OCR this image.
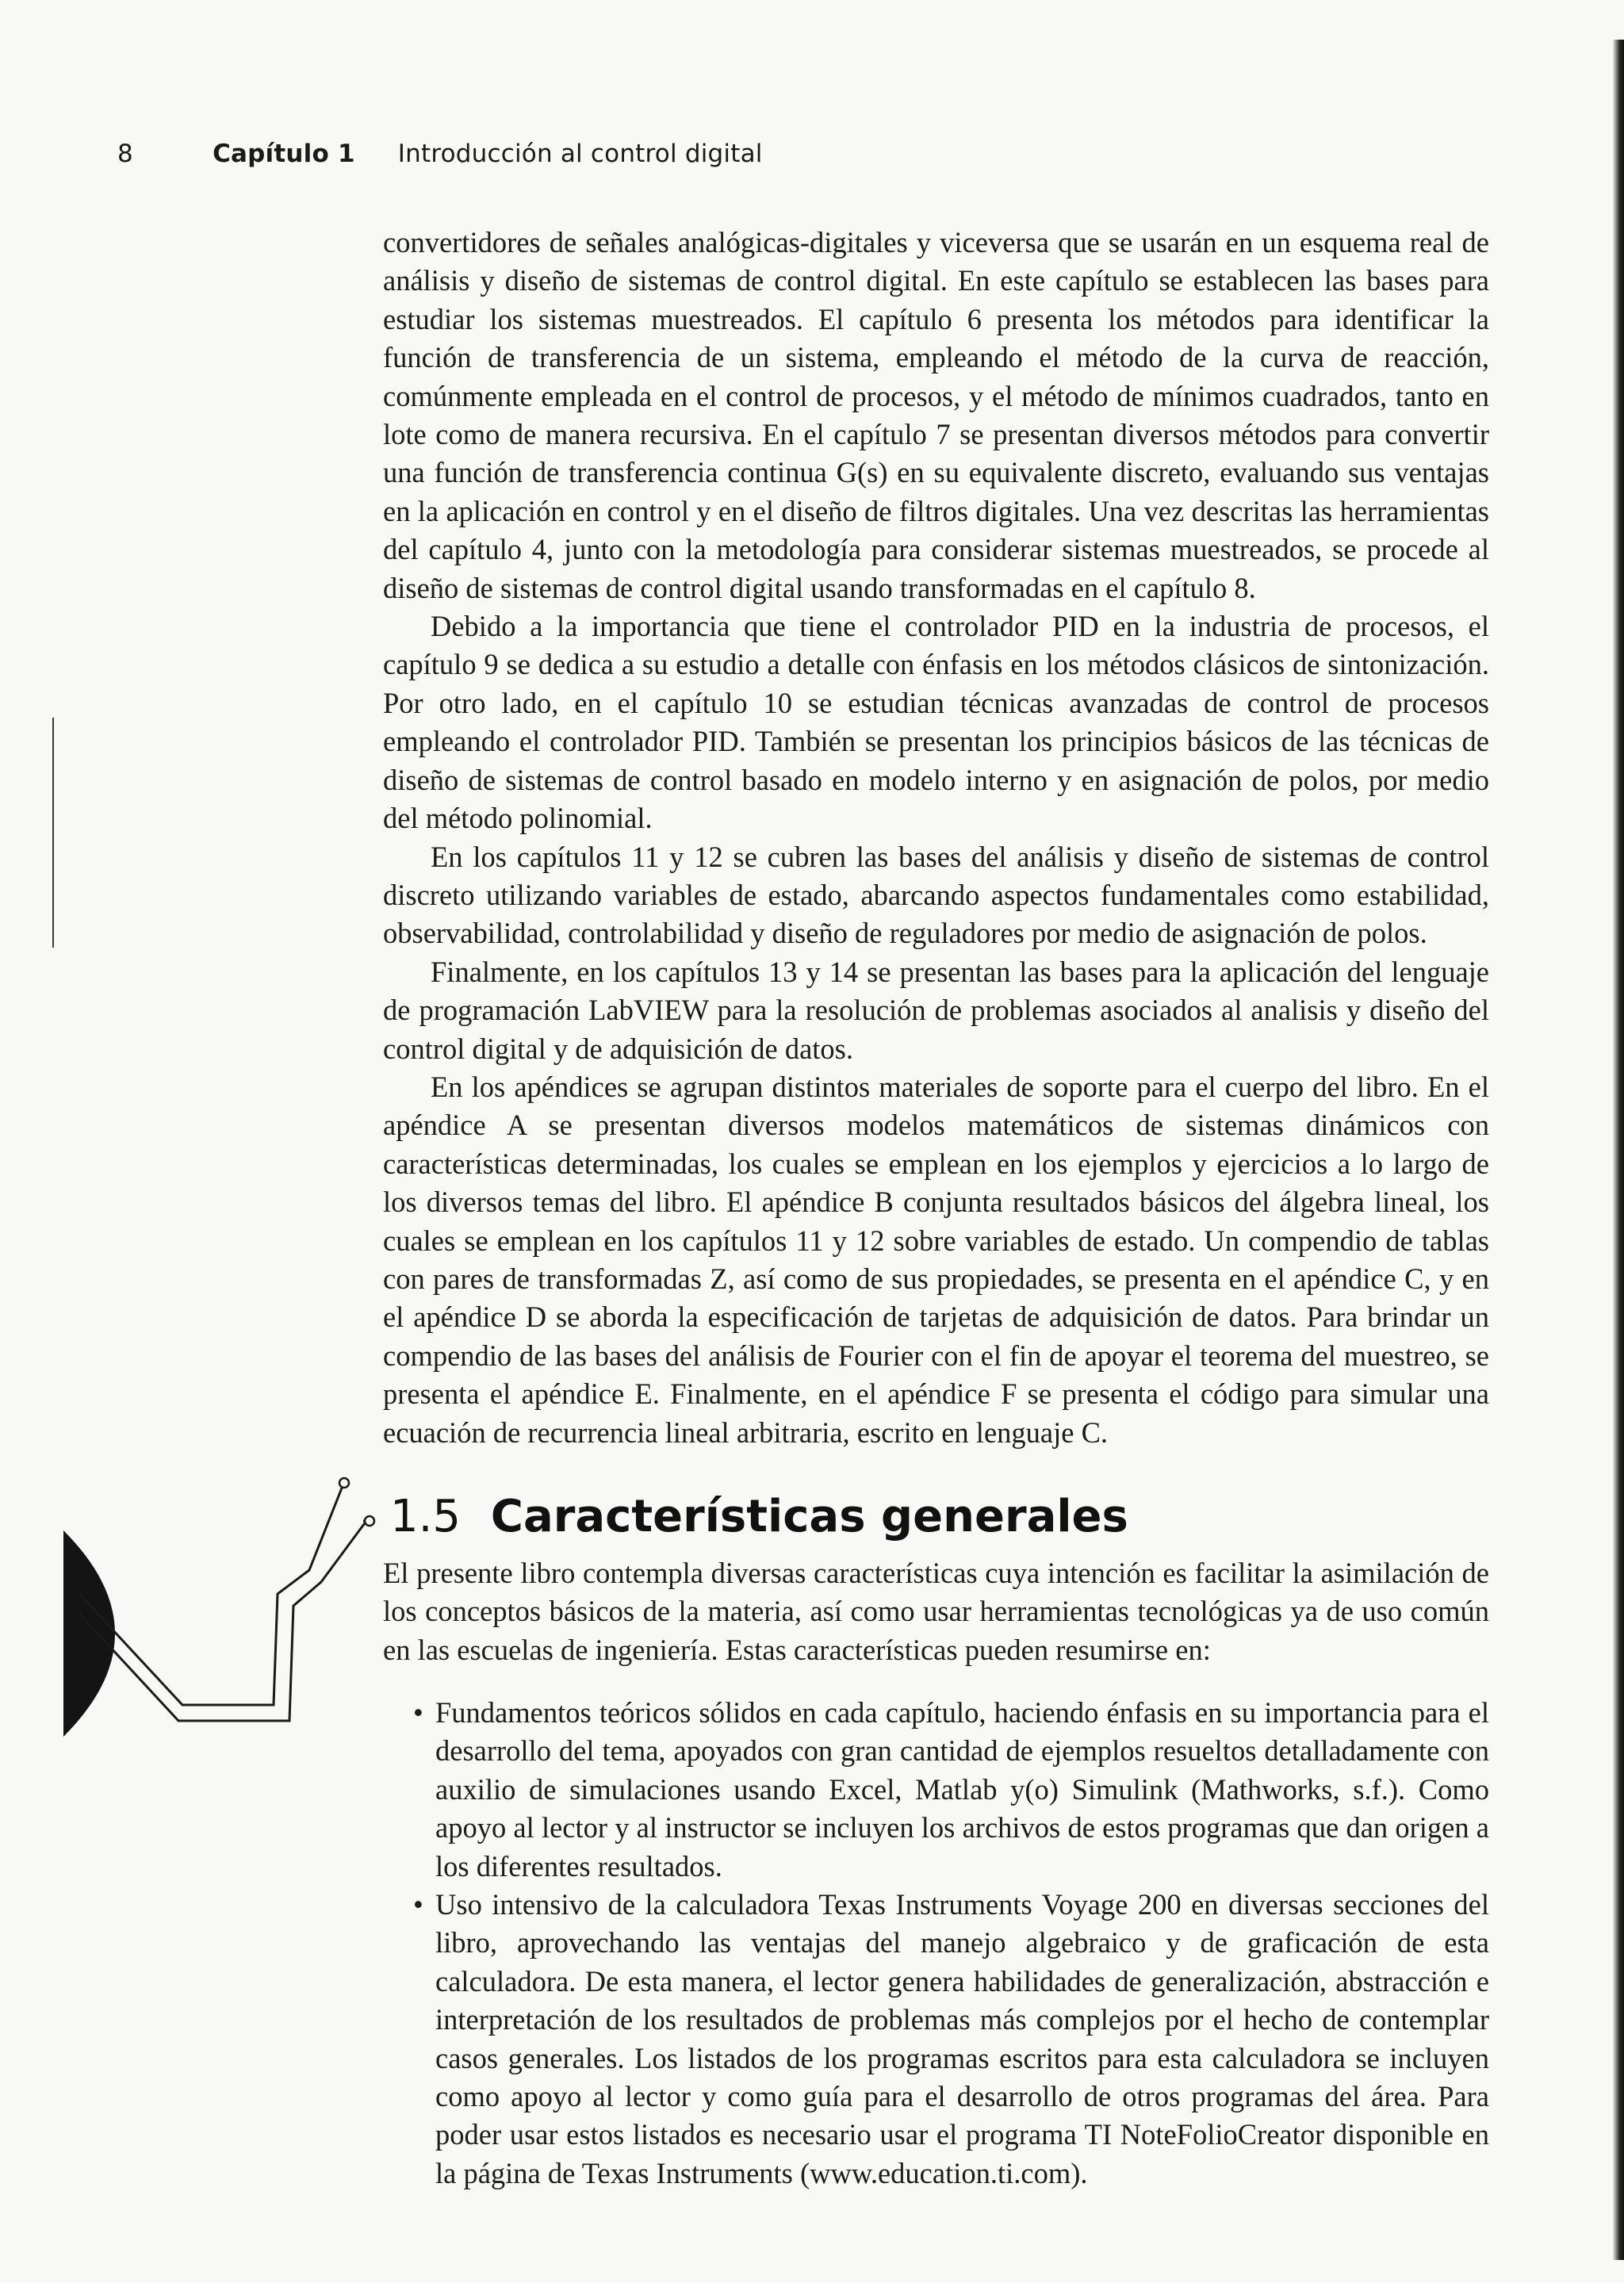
8	Capítulo 1 Introducción al control digital

convertidores de señales analógicas-digitales y viceversa que se usarán en un esquema real de análisis y diseño de sistemas de control digital. En este capítulo se establecen las bases para estudiar los sistemas muestreados. El capítulo 6 presenta los métodos para identificar la función de transferencia de un sistema, empleando el método de la curva de reacción, comúnmente empleada en el control de procesos, y el método de mínimos cuadrados, tanto en lote como de manera recursiva. En el capítulo 7 se presentan diversos métodos para convertir una función de transferencia continua G(s) en su equivalente discreto, evaluando sus ventajas en la aplicación en control y en el diseño de filtros digitales. Una vez descritas las herramientas del capítulo 4, junto con la metodología para considerar sistemas muestreados, se procede al diseño de sistemas de control digital usando transformadas en el capítulo 8.

Debido a la importancia que tiene el controlador PID en la industria de procesos, el capítulo 9 se dedica a su estudio a detalle con énfasis en los métodos clásicos de sintonización. Por otro lado, en el capítulo 10 se estudian técnicas avanzadas de control de procesos empleando el controlador PID. También se presentan los principios básicos de las técnicas de diseño de sistemas de control basado en modelo interno y en asignación de polos, por medio del método polinomial.

En los capítulos 11 y 12 se cubren las bases del análisis y diseño de sistemas de control discreto utilizando variables de estado, abarcando aspectos fundamentales como estabilidad, observabilidad, controlabilidad y diseño de reguladores por medio de asignación de polos.

Finalmente, en los capítulos 13 y 14 se presentan las bases para la aplicación del lenguaje de programación LabVIEW para la resolución de problemas asociados al analisis y diseño del control digital y de adquisición de datos.

En los apéndices se agrupan distintos materiales de soporte para el cuerpo del libro. En el apéndice A se presentan diversos modelos matemáticos de sistemas dinámicos con características determinadas, los cuales se emplean en los ejemplos y ejercicios a lo largo de los diversos temas del libro. El apéndice B conjunta resultados básicos del álgebra lineal, los cuales se emplean en los capítulos 11 y 12 sobre variables de estado. Un compendio de tablas con pares de transformadas Z, así como de sus propiedades, se presenta en el apéndice C, y en el apéndice D se aborda la especificación de tarjetas de adquisición de datos. Para brindar un compendio de las bases del análisis de Fourier con el fin de apoyar el teorema del muestreo, se presenta el apéndice E. Finalmente, en el apéndice F se presenta el código para simular una ecuación de recurrencia lineal arbitraria, escrito en lenguaje C.

1.5 Características generales

El presente libro contempla diversas características cuya intención es facilitar la asimilación de los conceptos básicos de la materia, así como usar herramientas tecnológicas ya de uso común en las escuelas de ingeniería. Estas características pueden resumirse en:

• Fundamentos teóricos sólidos en cada capítulo, haciendo énfasis en su importancia para el desarrollo del tema, apoyados con gran cantidad de ejemplos resueltos detalladamente con auxilio de simulaciones usando Excel, Matlab y(o) Simulink (Mathworks, s.f.). Como apoyo al lector y al instructor se incluyen los archivos de estos programas que dan origen a los diferentes resultados.
• Uso intensivo de la calculadora Texas Instruments Voyage 200 en diversas secciones del libro, aprovechando las ventajas del manejo algebraico y de graficación de esta calculadora. De esta manera, el lector genera habilidades de generalización, abstracción e interpretación de los resultados de problemas más complejos por el hecho de contemplar casos generales. Los listados de los programas escritos para esta calculadora se incluyen como apoyo al lector y como guía para el desarrollo de otros programas del área. Para poder usar estos listados es necesario usar el programa TI NoteFolioCreator disponible en la página de Texas Instruments (www.education.ti.com).
